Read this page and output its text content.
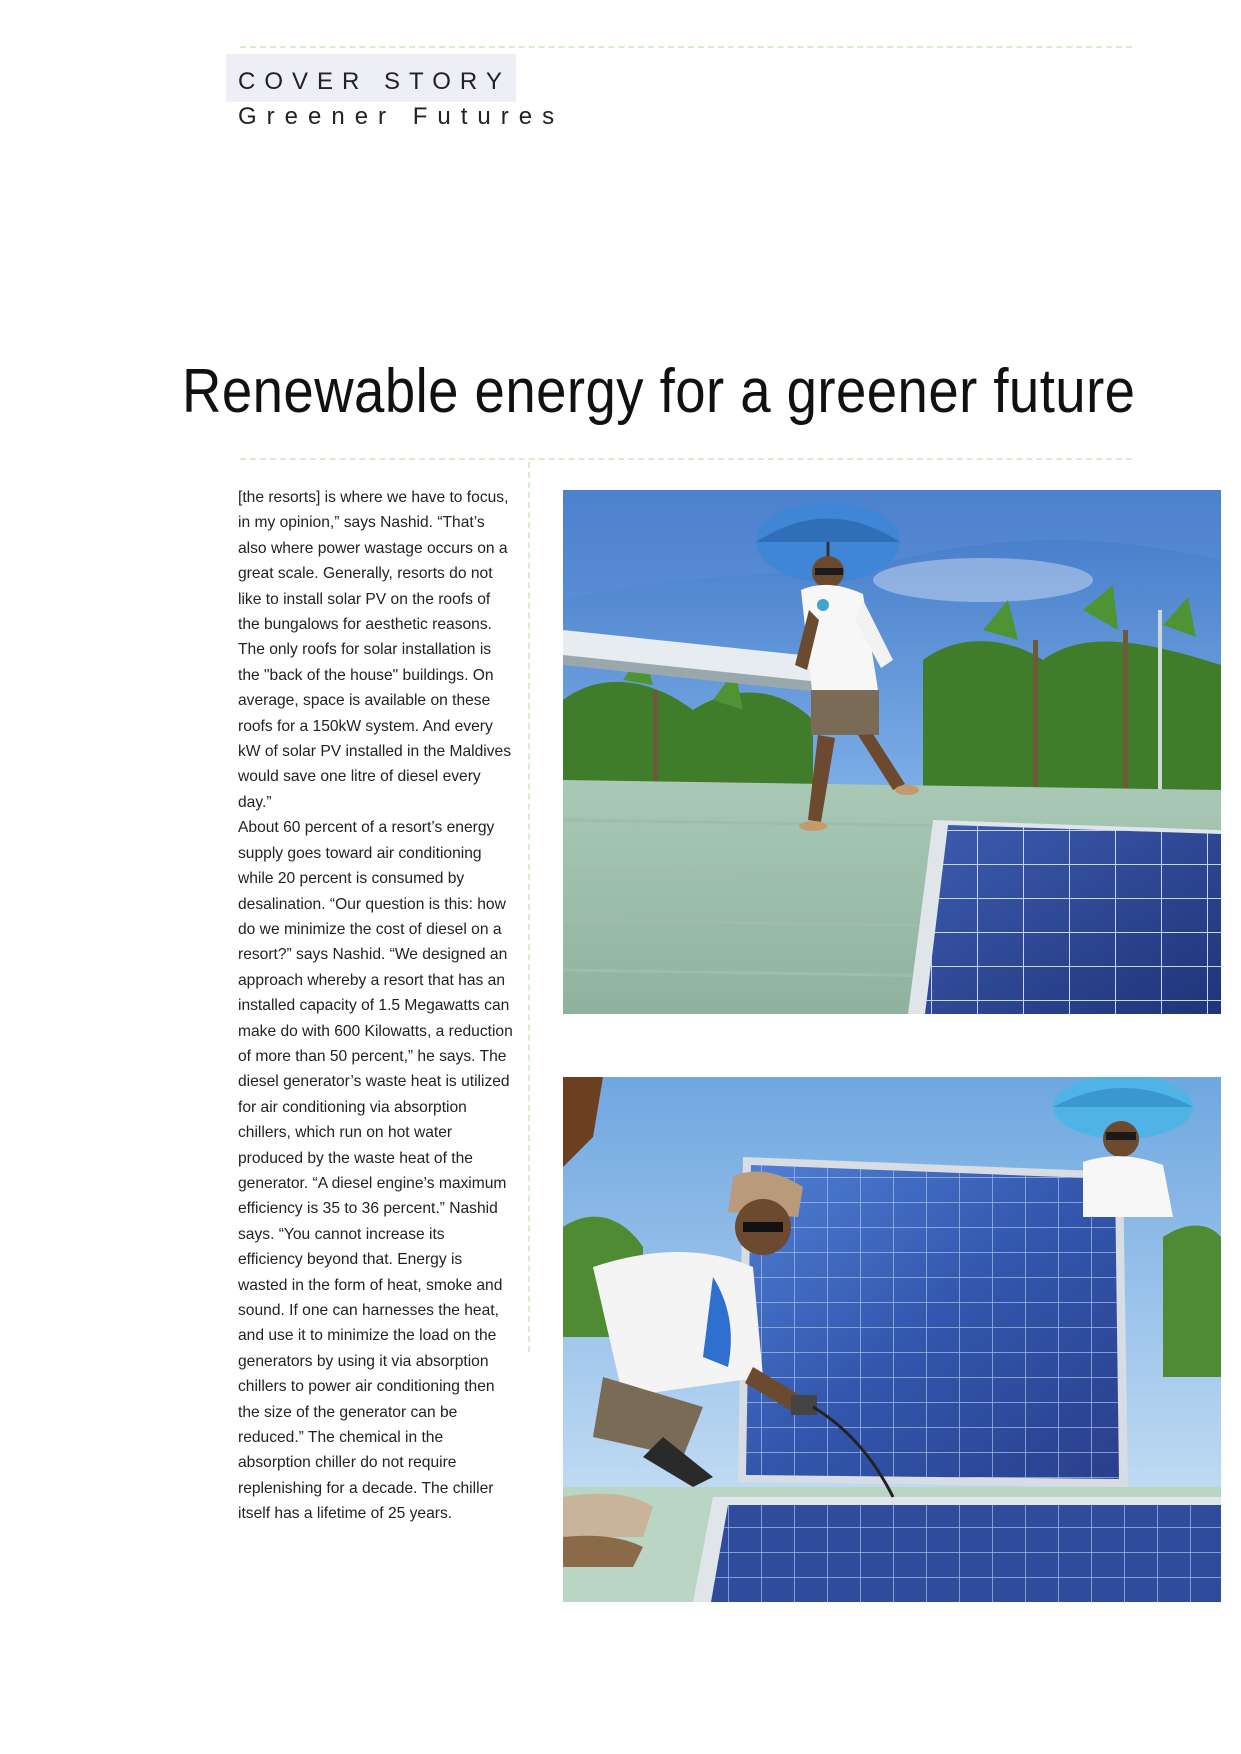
COVER STORY
Greener Futures
Renewable energy for a greener future

[the resorts] is where we have to focus, in my opinion,” says Nashid. “That’s also where power wastage occurs on a great scale. Generally, resorts do not like to install solar PV on the roofs of the bungalows for aesthetic reasons. The only roofs for solar installation is the "back of the house" buildings. On average, space is available on these roofs for a 150kW system. And every kW of solar PV installed in the Maldives would save one litre of diesel every day.”

About 60 percent of a resort’s energy supply goes toward air conditioning while 20 percent is consumed by desalination. “Our question is this: how do we minimize the cost of diesel on a resort?” says Nashid. “We designed an approach whereby a resort that has an installed capacity of 1.5 Megawatts can make do with 600 Kilowatts, a reduction of more than 50 percent,” he says. The diesel generator’s waste heat is utilized for air conditioning via absorption chillers, which run on hot water produced by the waste heat of the generator. “A diesel engine’s maximum efficiency is 35 to 36 percent.” Nashid says. “You cannot increase its efficiency beyond that. Energy is wasted in the form of heat, smoke and sound. If one can harnesses the heat, and use it to minimize the load on the generators by using it via absorption chillers to power air conditioning then the size of the generator can be reduced.” The chemical in the absorption chiller do not require replenishing for a decade. The chiller itself has a lifetime of 25 years.
